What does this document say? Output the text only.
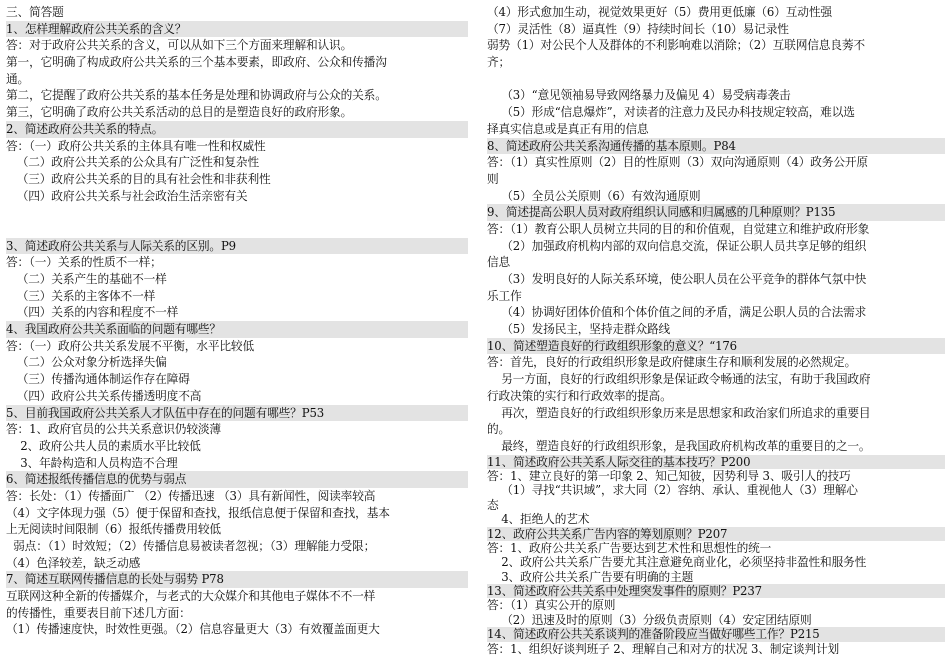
三、简答题
1、怎样理解政府公共关系的含义？
答：对于政府公共关系的含义，可以从如下三个方面来理解和认识。
第一，它明确了构成政府公共关系的三个基本要素，即政府、公众和传播沟
通。
第二，它提醒了政府公共关系的基本任务是处理和协调政府与公众的关系。
第三，它明确了政府公共关系活动的总目的是塑造良好的政府形象。
2、简述政府公共关系的特点。
答：（一）政府公共关系的主体具有唯一性和权威性
（二）政府公共关系的公众具有广泛性和复杂性
（三）政府公共关系的目的具有社会性和非获利性
（四）政府公共关系与社会政治生活亲密有关
3、简述政府公共关系与人际关系的区别。P9
答：（一）关系的性质不一样；
（二）关系产生的基础不一样
（三）关系的主客体不一样
（四）关系的内容和程度不一样
4、我国政府公共关系面临的问题有哪些？
答：（一）政府公共关系发展不平衡，水平比较低
（二）公众对象分析选择失偏
（三）传播沟通体制运作存在障碍
（四）政府公共关系传播透明度不高
5、目前我国政府公共关系人才队伍中存在的问题有哪些？P53
答：1、政府官员的公共关系意识仍较淡薄
2、政府公共人员的素质水平比较低
3、年龄构造和人员构造不合理
6、简述报纸传播信息的优势与弱点
答：长处：（1）传播面广 （2）传播迅速 （3）具有新闻性，阅读率较高
（4）文字体现力强（5）便于保留和查找，报纸信息便于保留和查找，基本
上无阅读时间限制（6）报纸传播费用较低
弱点：（1）时效短；（2）传播信息易被读者忽视；（3）理解能力受限；
（4）色泽较差，缺乏动感
7、简述互联网传播信息的长处与弱势 P78
互联网这种全新的传播媒介，与老式的大众媒介和其他电子媒体不不一样
的传播性，重要表目前下述几方面：
（1）传播速度快，时效性更强。（2）信息容量更大（3）有效覆盖面更大
（4）形式愈加生动，视觉效果更好（5）费用更低廉（6）互动性强
（7）灵活性（8）逼真性（9）持续时间长（10）易记录性
弱势（1）对公民个人及群体的不利影响难以消除；（2）互联网信息良莠不
齐；
（3）“意见领袖易导致网络暴力及偏见 4）易受病毒袭击
（5）形成“信息爆炸”，对读者的注意力及民办科技规定较高，难以选
择真实信息或是真正有用的信息
8、简述政府公共关系沟通传播的基本原则。P84
答：（1）真实性原则（2）目的性原则（3）双向沟通原则（4）政务公开原
则
（5）全员公关原则（6）有效沟通原则
9、简述提高公职人员对政府组织认同感和归属感的几种原则？P135
答：（1）教育公职人员树立共同的目的和价值观，自觉建立和维护政府形象
（2）加强政府机构内部的双向信息交流，保证公职人员共享足够的组织
信息
（3）发明良好的人际关系环境，使公职人员在公平竞争的群体气氛中快
乐工作
（4）协调好团体价值和个体价值之间的矛盾，满足公职人员的合法需求
（5）发扬民主，坚持走群众路线
10、简述塑造良好的行政组织形象的意义？“176
答：首先，良好的行政组织形象是政府健康生存和顺利发展的必然规定。
另一方面，良好的行政组织形象是保证政令畅通的法宝，有助于我国政府
行政决策的实行和行政效率的提高。
再次，塑造良好的行政组织形象历来是思想家和政治家们所追求的重要目
的。
最终，塑造良好的行政组织形象，是我国政府机构改革的重要目的之一。
11、简述政府公共关系人际交往的基本技巧？P200
答：1、建立良好的第一印象 2、知己知彼，因势利导 3、吸引人的技巧
（1）寻找“共识域”，求大同（2）容纳、承认、重视他人（3）理解心
态
4、拒绝人的艺术
12、政府公共关系广告内容的筹划原则？P207
答：1、政府公共关系广告要达到艺术性和思想性的统一
2、政府公共关系广告要尤其注意避免商业化，必须坚持非盈性和服务性
3、政府公共关系广告要有明确的主题
13、简述政府公共关系中处理突发事件的原则？P237
答：（1）真实公开的原则
（2）迅速及时的原则（3）分级负责原则（4）安定团结原则
14、简述政府公共关系谈判的准备阶段应当做好哪些工作？P215
答：1、组织好谈判班子 2、理解自己和对方的状况 3、制定谈判计划
